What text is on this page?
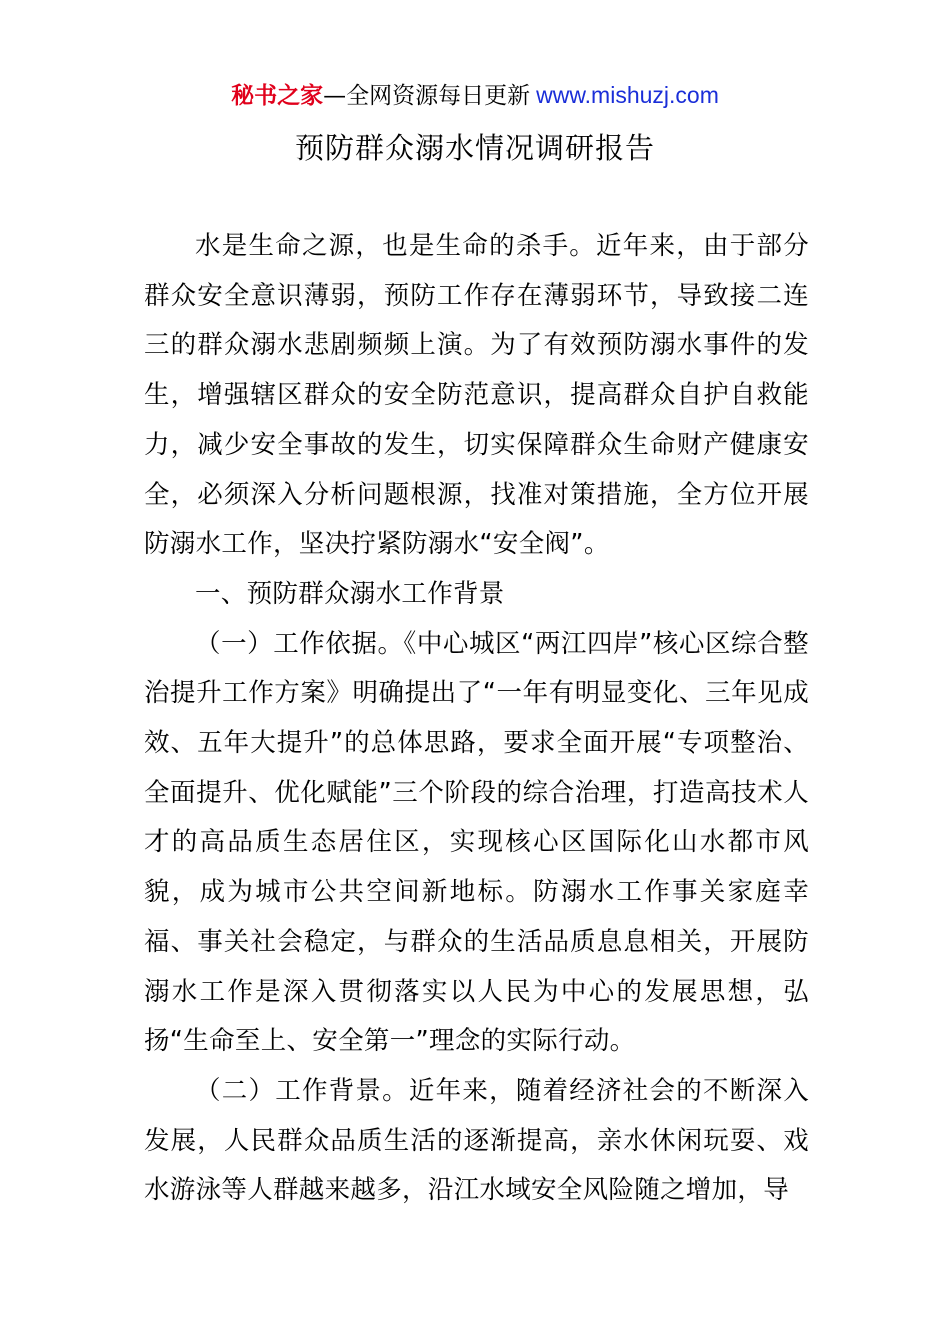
秘书之家—全网资源每日更新 www.mishuzj.com
预防群众溺水情况调研报告

水是生命之源，也是生命的杀手。近年来，由于部分群众安全意识薄弱，预防工作存在薄弱环节，导致接二连三的群众溺水悲剧频频上演。为了有效预防溺水事件的发生，增强辖区群众的安全防范意识，提高群众自护自救能力，减少安全事故的发生，切实保障群众生命财产健康安全，必须深入分析问题根源，找准对策措施，全方位开展防溺水工作，坚决拧紧防溺水“安全阀”。

一、预防群众溺水工作背景

（一）工作依据。《中心城区“两江四岸”核心区综合整治提升工作方案》明确提出了“一年有明显变化、三年见成效、五年大提升”的总体思路，要求全面开展“专项整治、全面提升、优化赋能”三个阶段的综合治理，打造高技术人才的高品质生态居住区，实现核心区国际化山水都市风貌，成为城市公共空间新地标。防溺水工作事关家庭幸福、事关社会稳定，与群众的生活品质息息相关，开展防溺水工作是深入贯彻落实以人民为中心的发展思想，弘扬“生命至上、安全第一”理念的实际行动。

（二）工作背景。近年来，随着经济社会的不断深入发展，人民群众品质生活的逐渐提高，亲水休闲玩耍、戏水游泳等人群越来越多，沿江水域安全风险随之增加，导
